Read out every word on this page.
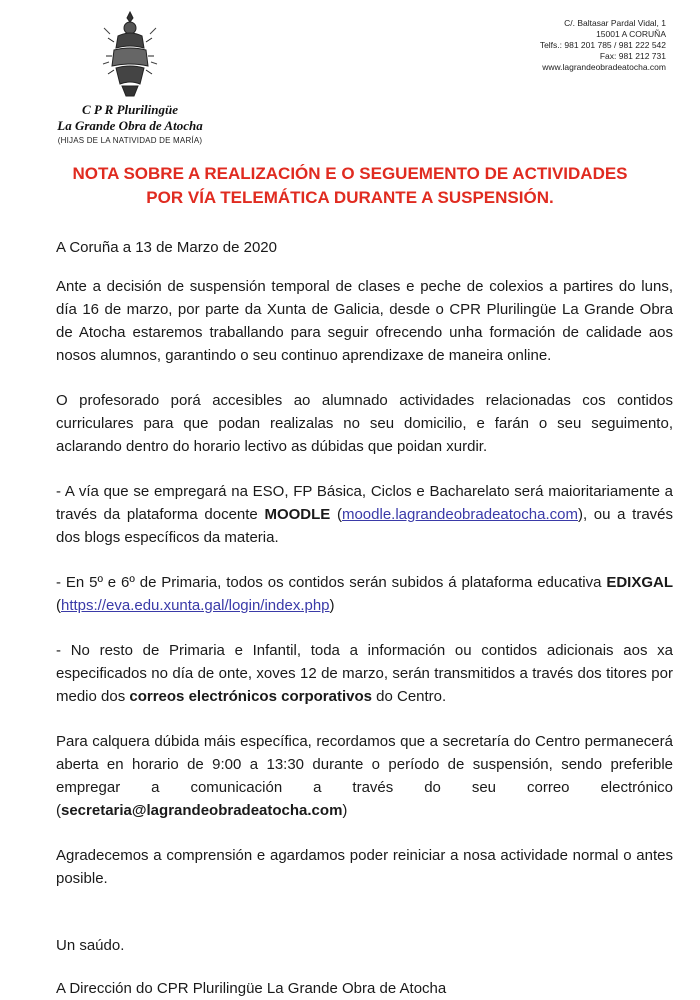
C P R Plurilingüe
La Grande Obra de Atocha
(HIJAS DE LA NATIVIDAD DE MARÍA)
C/. Baltasar Pardal Vidal, 1
15001 A CORUÑA
Telfs.: 981 201 785 / 981 222 542
Fax: 981 212 731
www.lagrandeobradeatocha.com
NOTA SOBRE A REALIZACIÓN E O SEGUEMENTO DE ACTIVIDADES
POR VÍA TELEMÁTICA DURANTE A SUSPENSIÓN.

A Coruña a 13 de Marzo de 2020

Ante a decisión de suspensión temporal de clases e peche de colexios a partires do luns, día 16 de marzo, por parte da Xunta de Galicia, desde o CPR Plurilingüe La Grande Obra de Atocha estaremos traballando para seguir ofrecendo unha formación de calidade aos nosos alumnos, garantindo o seu continuo aprendizaxe de maneira online.

O profesorado porá accesibles ao alumnado actividades relacionadas cos contidos curriculares para que podan realizalas no seu domicilio, e farán o seu seguimento, aclarando dentro do horario lectivo as dúbidas que poidan xurdir.

- A vía que se empregará na ESO, FP Básica, Ciclos e Bacharelato será maioritariamente a través da plataforma docente MOODLE (moodle.lagrandeobradeatocha.com), ou a través dos blogs específicos da materia.

- En 5º e 6º de Primaria, todos os contidos serán subidos á plataforma educativa EDIXGAL (https://eva.edu.xunta.gal/login/index.php)

- No resto de Primaria e Infantil, toda a información ou contidos adicionais aos xa especificados no día de onte, xoves 12 de marzo, serán transmitidos a través dos titores por medio dos correos electrónicos corporativos do Centro.

Para calquera dúbida máis específica, recordamos que a secretaría do Centro permanecerá aberta en horario de 9:00 a 13:30 durante o período de suspensión, sendo preferible empregar a comunicación a través do seu correo electrónico (secretaria@lagrandeobradeatocha.com)

Agradecemos a comprensión e agardamos poder reiniciar a nosa actividade normal o antes posible.

Un saúdo.

A Dirección do CPR Plurilingüe La Grande Obra de Atocha
